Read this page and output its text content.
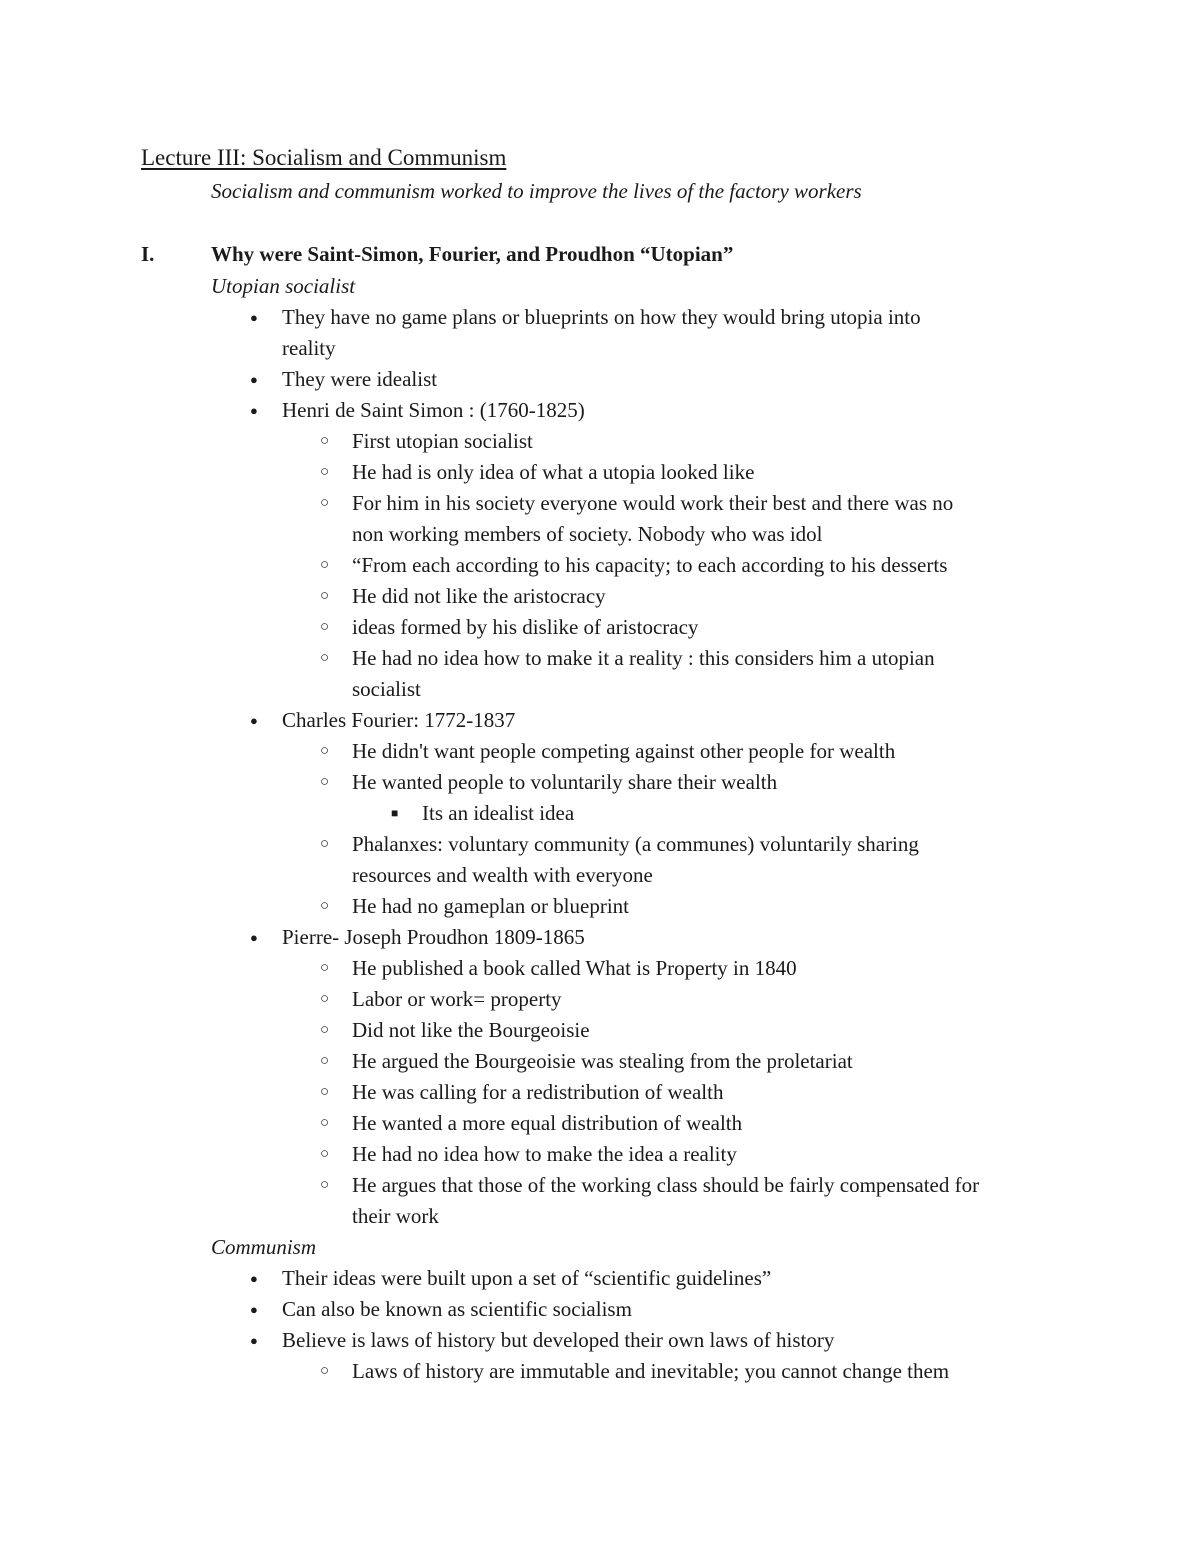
Lecture III: Socialism and Communism
Socialism and communism worked to improve the lives of the factory workers
I.	Why were Saint-Simon, Fourier, and Proudhon “Utopian”
Utopian socialist
● They have no game plans or blueprints on how they would bring utopia into
reality
● They were idealist
● Henri de Saint Simon : (1760-1825)
○ First utopian socialist
○ He had is only idea of what a utopia looked like
○ For him in his society everyone would work their best and there was no
non working members of society. Nobody who was idol
○ “From each according to his capacity; to each according to his desserts
○ He did not like the aristocracy
○ ideas formed by his dislike of aristocracy
○ He had no idea how to make it a reality : this considers him a utopian
socialist
● Charles Fourier: 1772-1837
○ He didn't want people competing against other people for wealth
○ He wanted people to voluntarily share their wealth
■ Its an idealist idea
○ Phalanxes: voluntary community (a communes) voluntarily sharing
resources and wealth with everyone
○ He had no gameplan or blueprint
● Pierre- Joseph Proudhon 1809-1865
○ He published a book called What is Property in 1840
○ Labor or work= property
○ Did not like the Bourgeoisie
○ He argued the Bourgeoisie was stealing from the proletariat
○ He was calling for a redistribution of wealth
○ He wanted a more equal distribution of wealth
○ He had no idea how to make the idea a reality
○ He argues that those of the working class should be fairly compensated for
their work
Communism
● Their ideas were built upon a set of “scientific guidelines”
● Can also be known as scientific socialism
● Believe is laws of history but developed their own laws of history
○ Laws of history are immutable and inevitable; you cannot change them
